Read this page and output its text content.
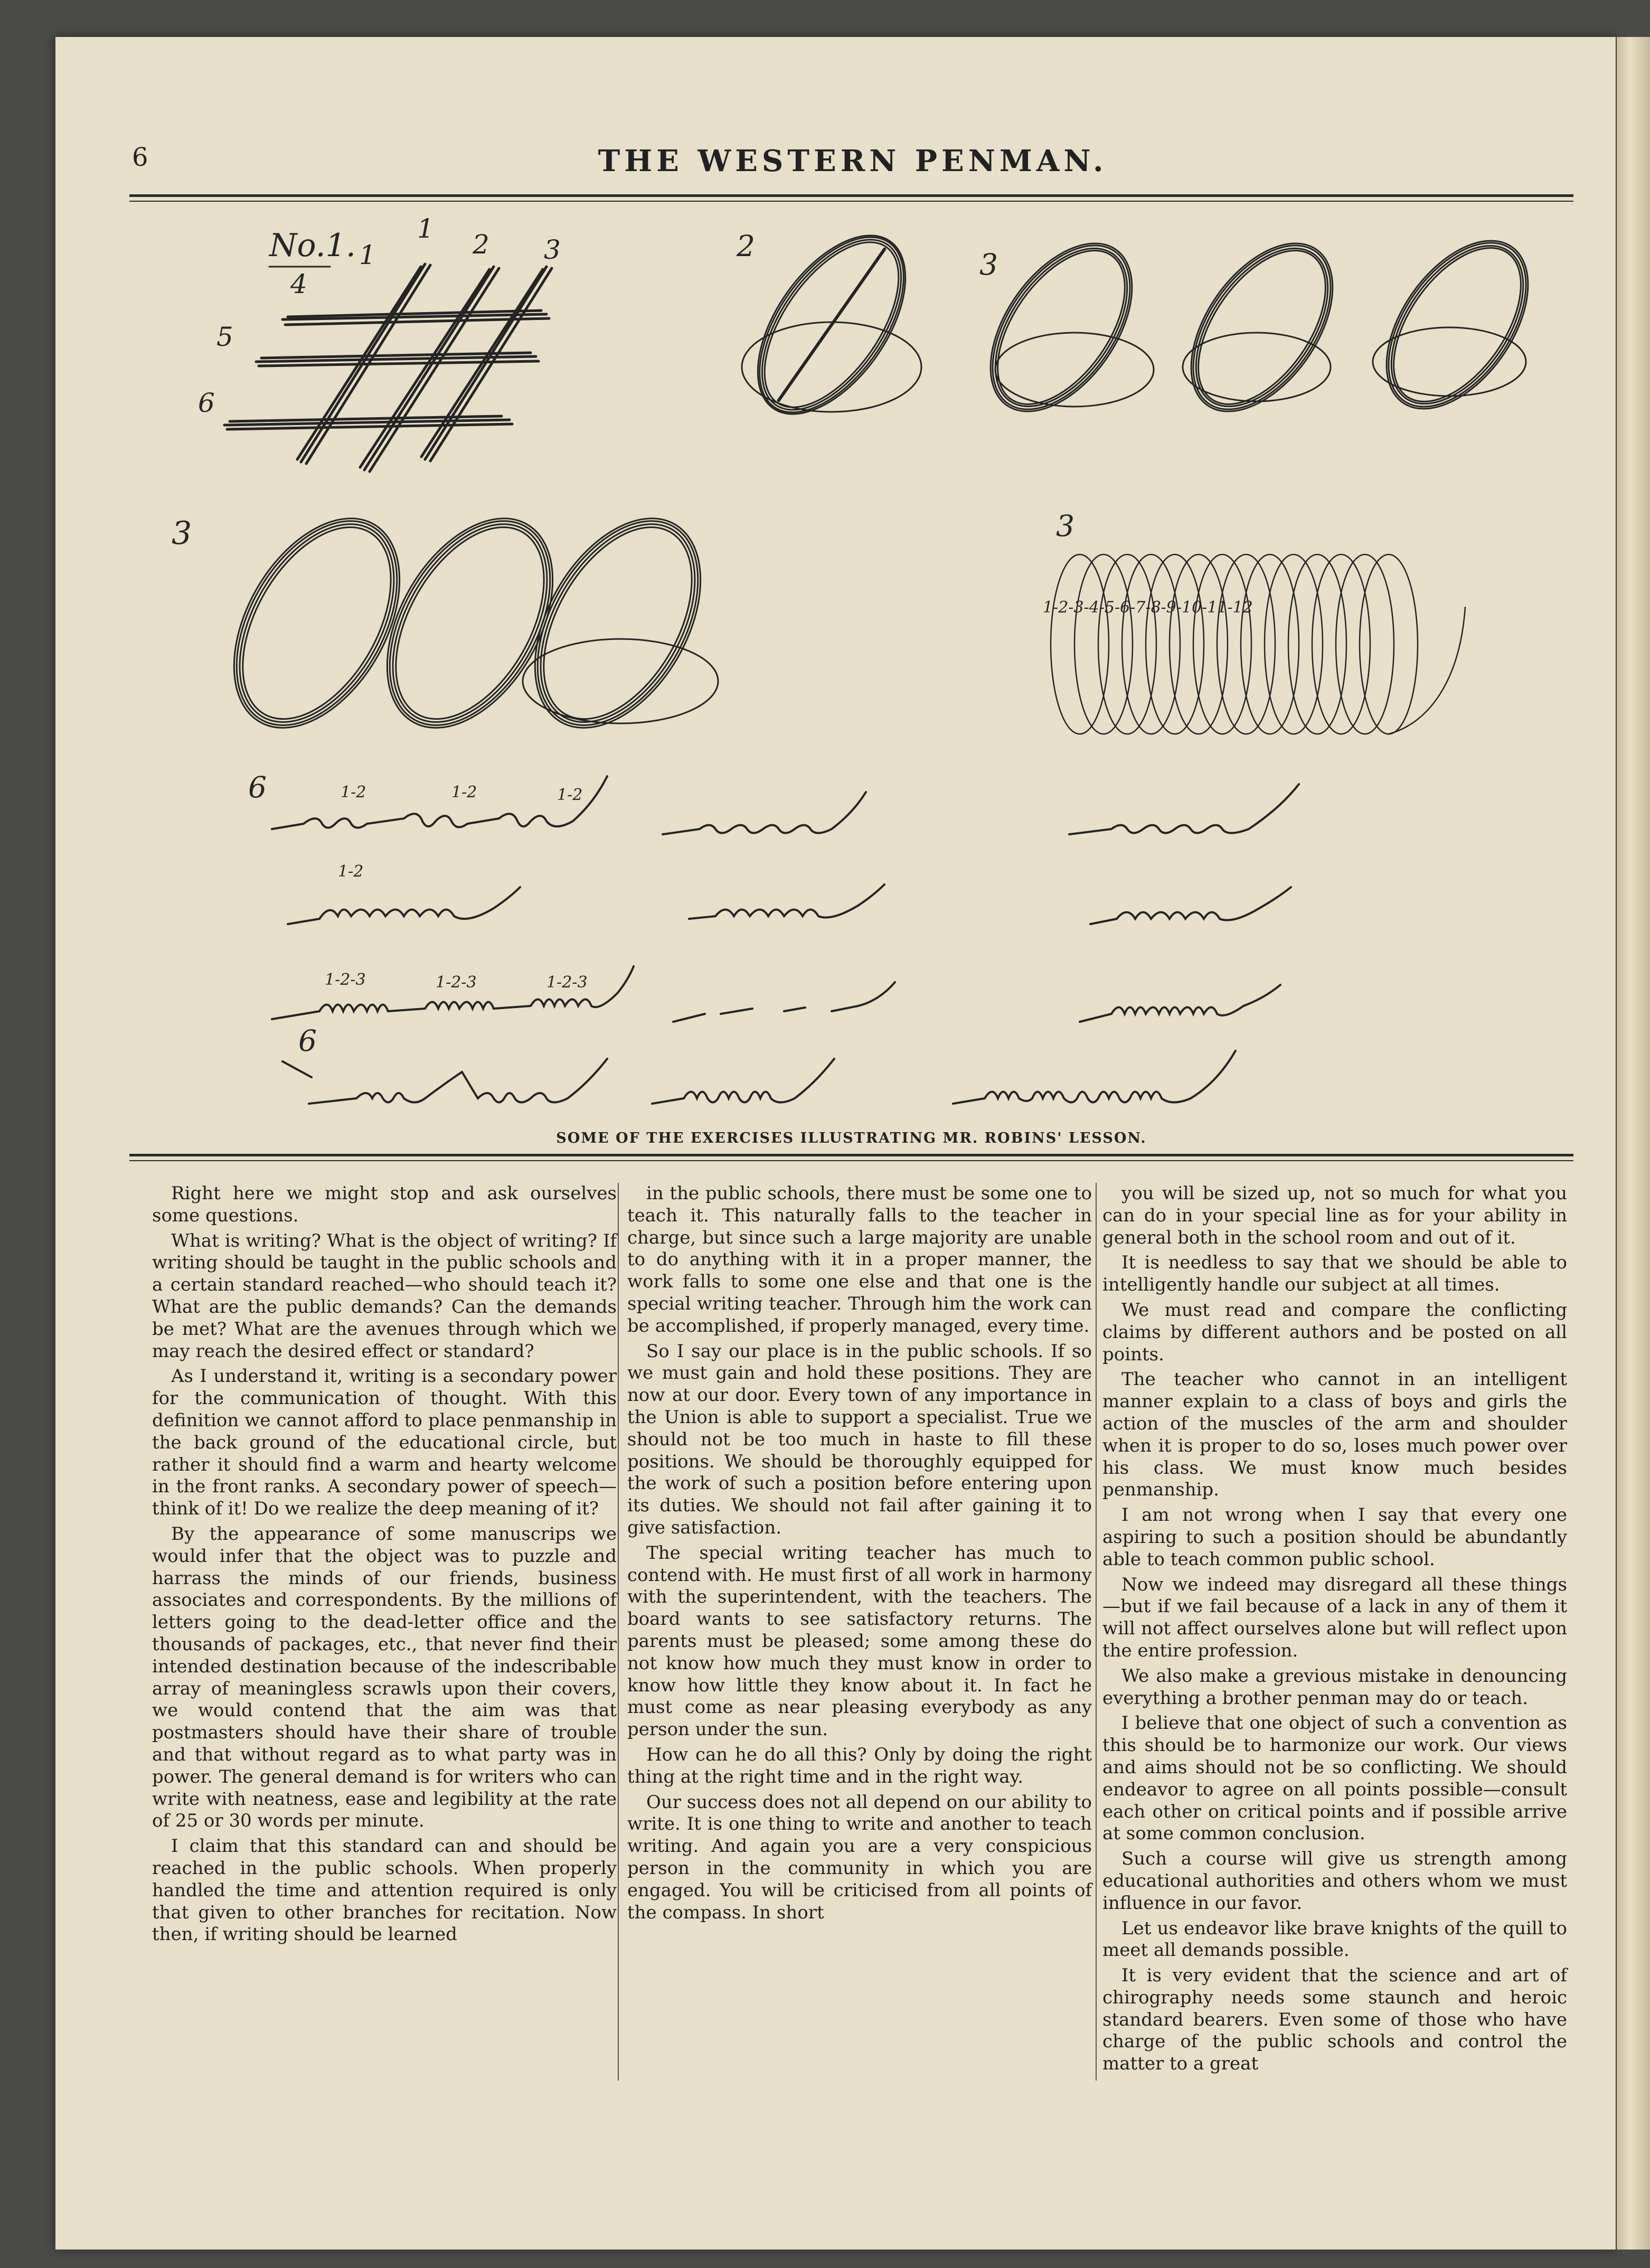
6	THE WESTERN PENMAN.
No.1. 1
1	2 3
4
5
6
2
3
3	3
1-2-3-4-5-6-7-8-9-10-11-12
6	1-2	1-2	1-2
1-2
1-2-3	1-2-3	1-2-3
6
SOME OF THE EXERCISES ILLUSTRATING MR. ROBINS' LESSON.

Right here we might stop and ask ourselves some questions.

What is writing? What is the object of writing? If writing should be taught in the public schools and a certain standard reached—who should teach it? What are the public demands? Can the demands be met? What are the avenues through which we may reach the desired effect or standard?

As I understand it, writing is a secondary power for the communication of thought. With this definition we cannot afford to place penmanship in the back ground of the educational circle, but rather it should find a warm and hearty welcome in the front ranks. A secondary power of speech—think of it! Do we realize the deep meaning of it?

By the appearance of some manuscrips we would infer that the object was to puzzle and harrass the minds of our friends, business associates and correspondents. By the millions of letters going to the dead-letter office and the thousands of packages, etc., that never find their intended destination because of the indescribable array of meaningless scrawls upon their covers, we would contend that the aim was that postmasters should have their share of trouble and that without regard as to what party was in power. The general demand is for writers who can write with neatness, ease and legibility at the rate of 25 or 30 words per minute.

I claim that this standard can and should be reached in the public schools. When properly handled the time and attention required is only that given to other branches for recitation. Now then, if writing should be learned

in the public schools, there must be some one to teach it. This naturally falls to the teacher in charge, but since such a large majority are unable to do anything with it in a proper manner, the work falls to some one else and that one is the special writing teacher. Through him the work can be accomplished, if properly managed, every time.

So I say our place is in the public schools. If so we must gain and hold these positions. They are now at our door. Every town of any importance in the Union is able to support a specialist. True we should not be too much in haste to fill these positions. We should be thoroughly equipped for the work of such a position before entering upon its duties. We should not fail after gaining it to give satisfaction.

The special writing teacher has much to contend with. He must first of all work in harmony with the superintendent, with the teachers. The board wants to see satisfactory returns. The parents must be pleased; some among these do not know how much they must know in order to know how little they know about it. In fact he must come as near pleasing everybody as any person under the sun.

How can he do all this? Only by doing the right thing at the right time and in the right way.

Our success does not all depend on our ability to write. It is one thing to write and another to teach writing. And again you are a very conspicious person in the community in which you are engaged. You will be criticised from all points of the compass. In short

you will be sized up, not so much for what you can do in your special line as for your ability in general both in the school room and out of it.

It is needless to say that we should be able to intelligently handle our subject at all times.

We must read and compare the conflicting claims by different authors and be posted on all points.

The teacher who cannot in an intelligent manner explain to a class of boys and girls the action of the muscles of the arm and shoulder when it is proper to do so, loses much power over his class. We must know much besides penmanship.

I am not wrong when I say that every one aspiring to such a position should be abundantly able to teach common public school.

Now we indeed may disregard all these things —but if we fail because of a lack in any of them it will not affect ourselves alone but will reflect upon the entire profession.

We also make a grevious mistake in denouncing everything a brother penman may do or teach.

I believe that one object of such a convention as this should be to harmonize our work. Our views and aims should not be so conflicting. We should endeavor to agree on all points possible—consult each other on critical points and if possible arrive at some common conclusion.

Such a course will give us strength among educational authorities and others whom we must influence in our favor.

Let us endeavor like brave knights of the quill to meet all demands possible.

It is very evident that the science and art of chirography needs some staunch and heroic standard bearers. Even some of those who have charge of the public schools and control the matter to a great
